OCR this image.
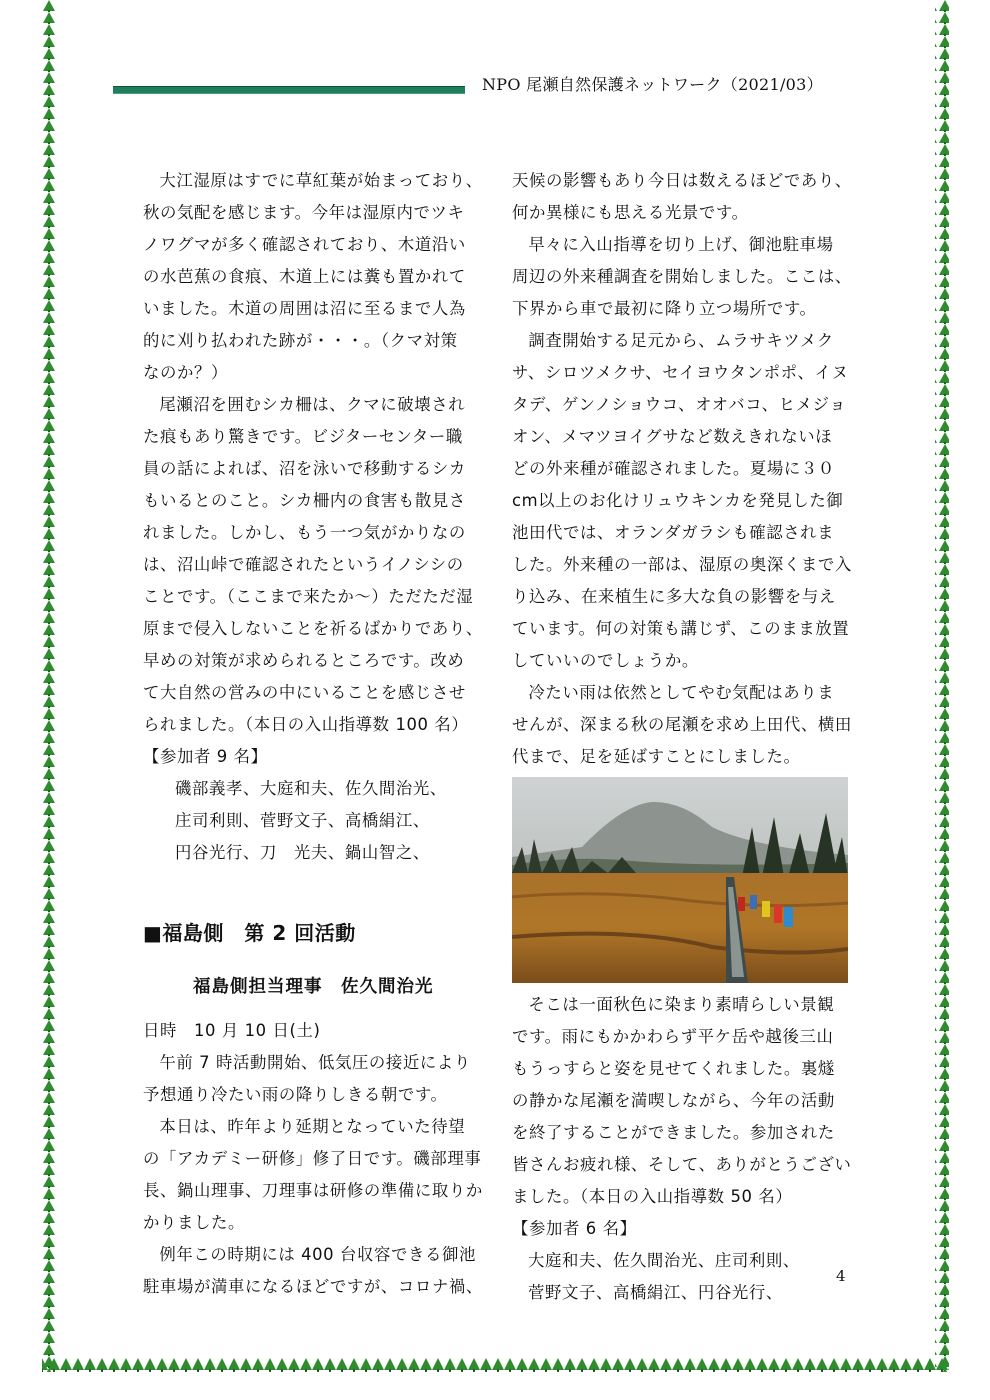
NPO 尾瀬自然保護ネットワーク（2021/03）

大江湿原はすでに草紅葉が始まっており、
秋の気配を感じます。今年は湿原内でツキ
ノワグマが多く確認されており、木道沿い
の水芭蕉の食痕、木道上には糞も置かれて
いました。木道の周囲は沼に至るまで人為
的に刈り払われた跡が・・・。（クマ対策
なのか？）

尾瀬沼を囲むシカ柵は、クマに破壊され
た痕もあり驚きです。ビジターセンター職
員の話によれば、沼を泳いで移動するシカ
もいるとのこと。シカ柵内の食害も散見さ
れました。しかし、もう一つ気がかりなの
は、沼山峠で確認されたというイノシシの
ことです。（ここまで来たか～）ただただ湿
原まで侵入しないことを祈るばかりであり、
早めの対策が求められるところです。改め
て大自然の営みの中にいることを感じさせ
られました。（本日の入山指導数 100 名）

【参加者 9 名】

磯部義孝、大庭和夫、佐久間治光、
庄司利則、菅野文子、高橋絹江、
円谷光行、刀　光夫、鍋山智之、

■福島側　第 2 回活動

福島側担当理事　佐久間治光

日時　10 月 10 日(土)

午前 7 時活動開始、低気圧の接近により
予想通り冷たい雨の降りしきる朝です。

本日は、昨年より延期となっていた待望
の「アカデミー研修」修了日です。磯部理事
長、鍋山理事、刀理事は研修の準備に取りか
かりました。

例年この時期には 400 台収容できる御池
駐車場が満車になるほどですが、コロナ禍、

天候の影響もあり今日は数えるほどであり、
何か異様にも思える光景です。

早々に入山指導を切り上げ、御池駐車場
周辺の外来種調査を開始しました。ここは、
下界から車で最初に降り立つ場所です。

調査開始する足元から、ムラサキツメク
サ、シロツメクサ、セイヨウタンポポ、イヌ
タデ、ゲンノショウコ、オオバコ、ヒメジョ
オン、メマツヨイグサなど数えきれないほ
どの外来種が確認されました。夏場に３０
cm以上のお化けリュウキンカを発見した御
池田代では、オランダガラシも確認されま
した。外来種の一部は、湿原の奥深くまで入
り込み、在来植生に多大な負の影響を与え
ています。何の対策も講じず、このまま放置
していいのでしょうか。

冷たい雨は依然としてやむ気配はありま
せんが、深まる秋の尾瀬を求め上田代、横田
代まで、足を延ばすことにしました。

そこは一面秋色に染まり素晴らしい景観
です。雨にもかかわらず平ケ岳や越後三山
もうっすらと姿を見せてくれました。裏燧
の静かな尾瀬を満喫しながら、今年の活動
を終了することができました。参加された
皆さんお疲れ様、そして、ありがとうござい
ました。（本日の入山指導数 50 名）

【参加者 6 名】

大庭和夫、佐久間治光、庄司利則、
菅野文子、高橋絹江、円谷光行、
4
